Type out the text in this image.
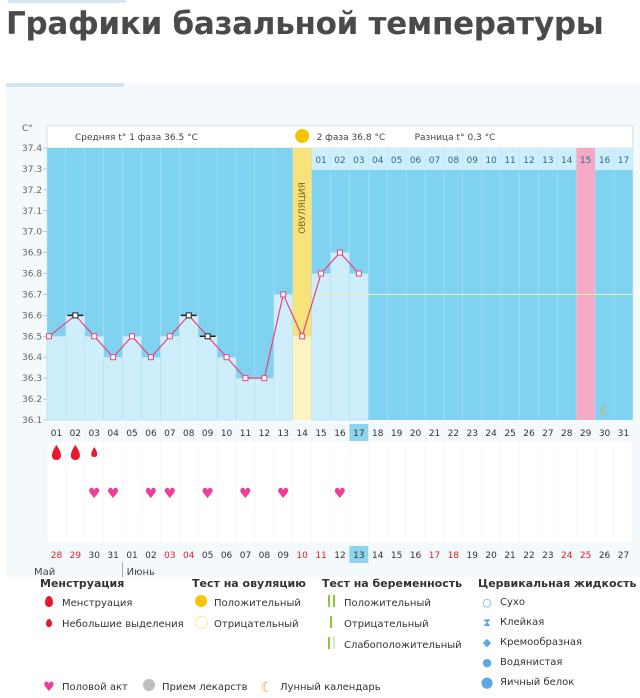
Графики базальной температуры
ОВУЛЯЦИЯ
Средняя t° 1 фаза 36.5 °C	2 фаза 36.8 °C	Разница t° 0.3 °C
01 02 03 04 05 06 07 08 09 10 11 12 13 14 15 16 17
C°
37.4
37.3
37.2
37.1
37.0
36.9
36.8
36.7
36.6
36.5
36.4
36.3
36.2
36.1
☾
01 02 03 04 05 06 07 08 09 10 11 12 13 14 15 16 17 18 19 20 21 22 23 24 25 26 27 28 29 30 31
♥ ♥ ♥ ♥ ♥ ♥ ♥	♥
28 29 30 31 01 02 03 04 05 06 07 08 09 10 11 12 13 14 15 16 17 18 19 20 21 22 23 24 25 26 27
Май	Июнь
Менструация
Менструация
Небольшие выделения
Тест на овуляцию
Положительный
Отрицательный
Тест на беременность
Положительный
Отрицательный
Слабоположительный
Цервикальная жидкость
○ Сухо
⧗ Клейкая
◆ Кремообразная
● Водянистая
⬤ Яичный белок
♥ Половой акт	Прием лекарств ☾ Лунный календарь
